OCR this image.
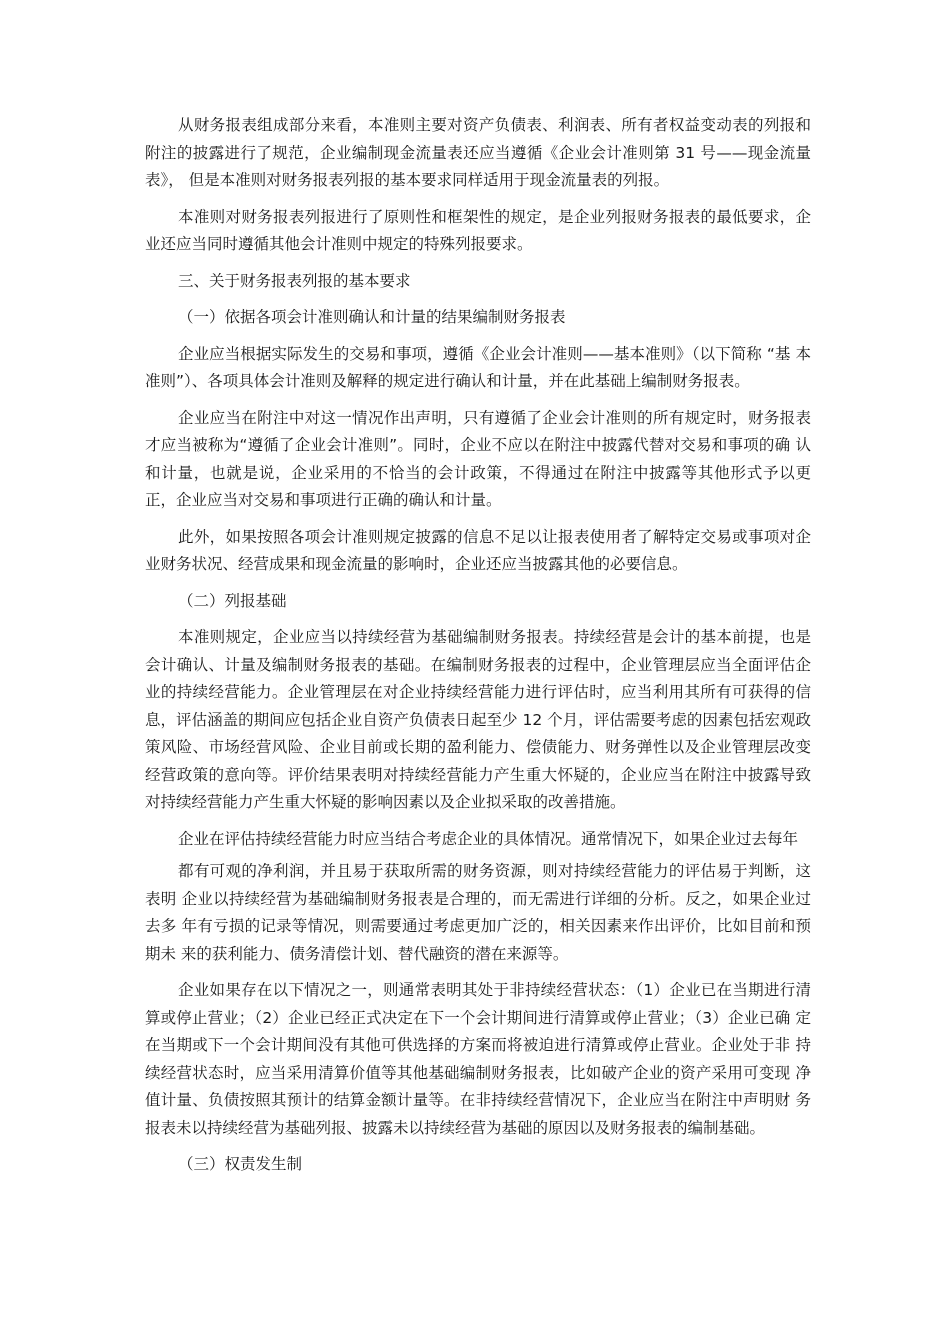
从财务报表组成部分来看，本准则主要对资产负债表、利润表、所有者权益变动表的列报和 附注的披露进行了规范，企业编制现金流量表还应当遵循《企业会计准则第 31 号——现金流量表》， 但是本准则对财务报表列报的基本要求同样适用于现金流量表的列报。

本准则对财务报表列报进行了原则性和框架性的规定，是企业列报财务报表的最低要求，企 业还应当同时遵循其他会计准则中规定的特殊列报要求。

三、关于财务报表列报的基本要求

（一）依据各项会计准则确认和计量的结果编制财务报表

企业应当根据实际发生的交易和事项，遵循《企业会计准则——基本准则》（以下简称 “基 本准则”）、各项具体会计准则及解释的规定进行确认和计量，并在此基础上编制财务报表。

企业应当在附注中对这一情况作出声明，只有遵循了企业会计准则的所有规定时，财务报表 才应当被称为“遵循了企业会计准则”。同时，企业不应以在附注中披露代替对交易和事项的确 认和计量，也就是说，企业采用的不恰当的会计政策，不得通过在附注中披露等其他形式予以更 正，企业应当对交易和事项进行正确的确认和计量。

此外，如果按照各项会计准则规定披露的信息不足以让报表使用者了解特定交易或事项对企 业财务状况、经营成果和现金流量的影响时，企业还应当披露其他的必要信息。

（二）列报基础

本准则规定，企业应当以持续经营为基础编制财务报表。持续经营是会计的基本前提，也是 会计确认、计量及编制财务报表的基础。在编制财务报表的过程中，企业管理层应当全面评估企 业的持续经营能力。企业管理层在对企业持续经营能力进行评估时，应当利用其所有可获得的信 息，评估涵盖的期间应包括企业自资产负债表日起至少 12 个月，评估需要考虑的因素包括宏观政 策风险、市场经营风险、企业目前或长期的盈利能力、偿债能力、财务弹性以及企业管理层改变 经营政策的意向等。评价结果表明对持续经营能力产生重大怀疑的，企业应当在附注中披露导致 对持续经营能力产生重大怀疑的影响因素以及企业拟采取的改善措施。

企业在评估持续经营能力时应当结合考虑企业的具体情况。通常情况下，如果企业过去每年

都有可观的净利润，并且易于获取所需的财务资源，则对持续经营能力的评估易于判断，这表明 企业以持续经营为基础编制财务报表是合理的，而无需进行详细的分析。反之，如果企业过去多 年有亏损的记录等情况，则需要通过考虑更加广泛的，相关因素来作出评价，比如目前和预期未 来的获利能力、债务清偿计划、替代融资的潜在来源等。

企业如果存在以下情况之一，则通常表明其处于非持续经营状态：（1）企业已在当期进行清 算或停止营业；（2）企业已经正式决定在下一个会计期间进行清算或停止营业；（3）企业已确 定在当期或下一个会计期间没有其他可供选择的方案而将被迫进行清算或停止营业。企业处于非 持续经营状态时，应当采用清算价值等其他基础编制财务报表，比如破产企业的资产采用可变现 净值计量、负债按照其预计的结算金额计量等。在非持续经营情况下，企业应当在附注中声明财 务报表未以持续经营为基础列报、披露未以持续经营为基础的原因以及财务报表的编制基础。

（三）权责发生制
